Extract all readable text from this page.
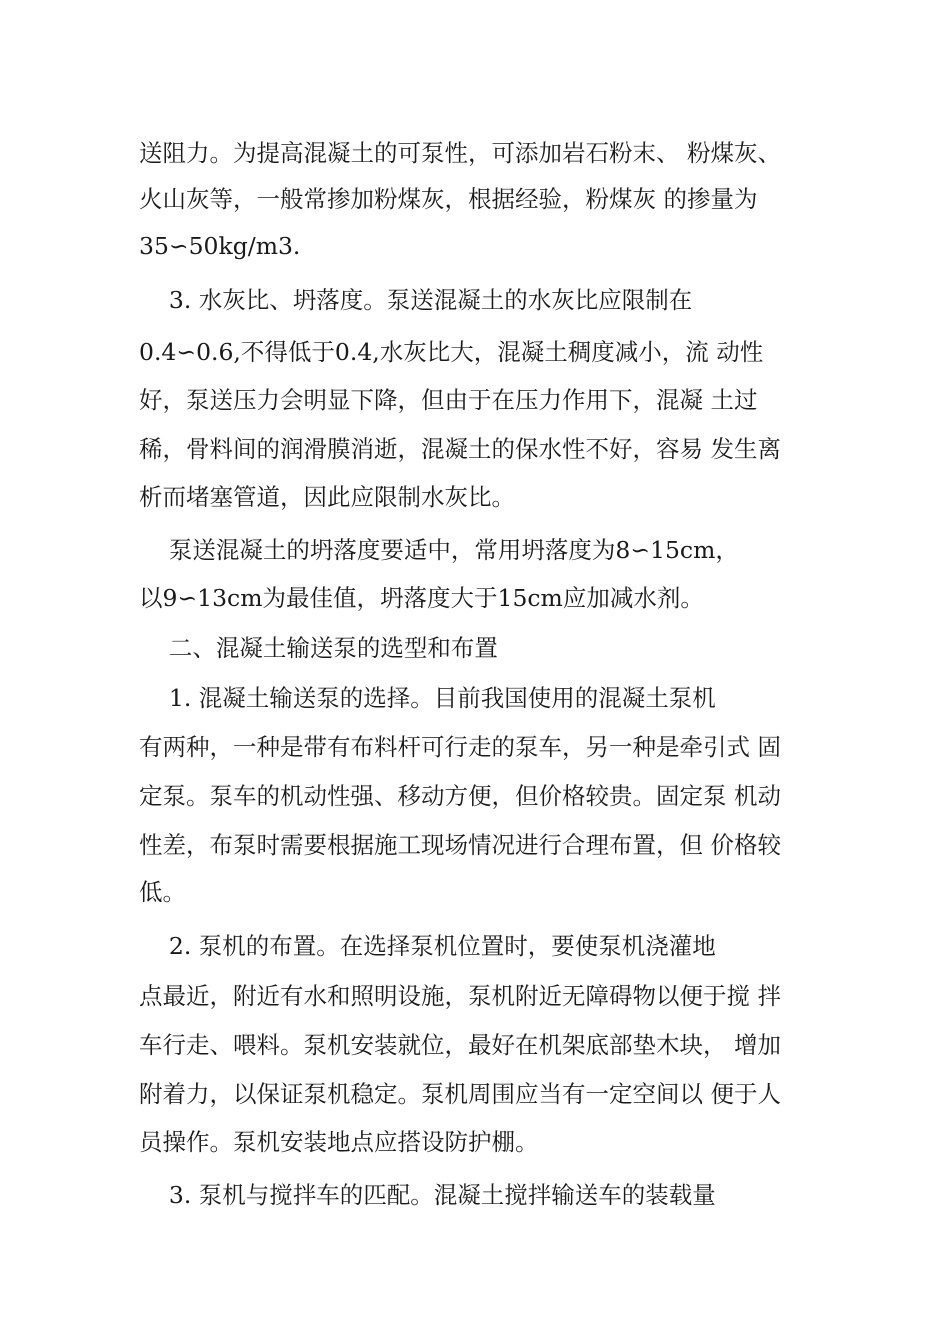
送阻力。为提高混凝土的可泵性，可添加岩石粉末、 粉煤灰、
火山灰等，一般常掺加粉煤灰，根据经验，粉煤灰 的掺量为
35∽50kg/m3.
3. 水灰比、坍落度。泵送混凝土的水灰比应限制在
0.4∽0.6,不得低于0.4,水灰比大，混凝土稠度减小，流 动性
好，泵送压力会明显下降，但由于在压力作用下，混凝 土过
稀，骨料间的润滑膜消逝，混凝土的保水性不好，容易 发生离
析而堵塞管道，因此应限制水灰比。
泵送混凝土的坍落度要适中，常用坍落度为8∽15cm，
以9∽13cm为最佳值，坍落度大于15cm应加减水剂。
二、混凝土输送泵的选型和布置
1. 混凝土输送泵的选择。目前我国使用的混凝土泵机
有两种，一种是带有布料杆可行走的泵车，另一种是牵引式 固
定泵。泵车的机动性强、移动方便，但价格较贵。固定泵 机动
性差，布泵时需要根据施工现场情况进行合理布置，但 价格较
低。
2. 泵机的布置。在选择泵机位置时，要使泵机浇灌地
点最近，附近有水和照明设施，泵机附近无障碍物以便于搅 拌
车行走、喂料。泵机安装就位，最好在机架底部垫木块， 增加
附着力，以保证泵机稳定。泵机周围应当有一定空间以 便于人
员操作。泵机安装地点应搭设防护棚。
3. 泵机与搅拌车的匹配。混凝土搅拌输送车的装载量
